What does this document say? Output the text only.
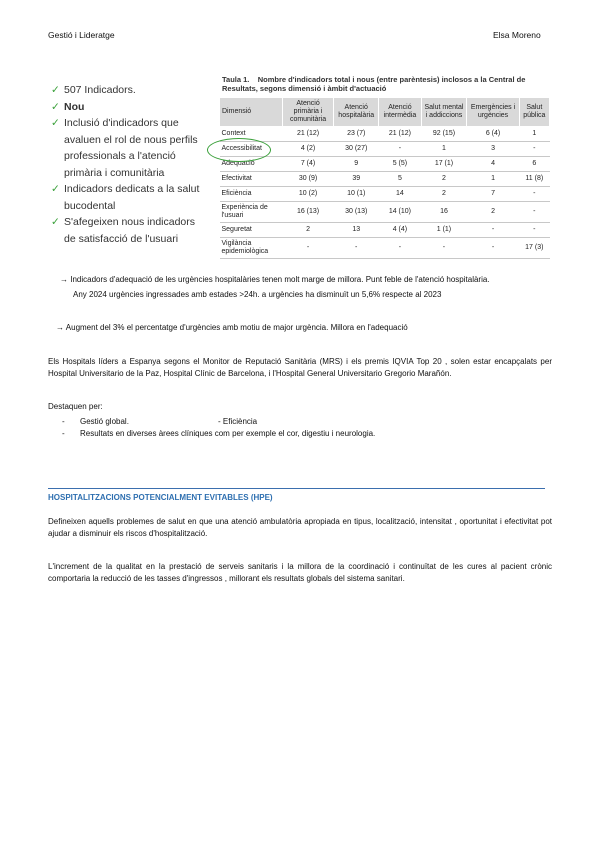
Gestió i Lideratge	Elsa Moreno
✓ 507 Indicadors.
✓ Nou
✓ Inclusió d'indicadors que
avaluen el rol de nous perfils
professionals a l'atenció
primària i comunitària
✓ Indicadors dedicats a la salut
bucodental
✓ S'afegeixen nous indicadors
de satisfacció de l'usuari
Taula 1.    Nombre d'indicadors total i nous (entre parèntesis) inclosos a la Central de
Resultats, segons dimensió i àmbit d'actuació
Dimensió	Atenció primària i comunitària	Atenció hospitalària	Atenció intermèdia	Salut mental i addiccions	Emergències i urgències	Salut pública
Context	21 (12)	23 (7)	21 (12)	92 (15)	6 (4)	1
Accessibilitat	4 (2)	30 (27)	-	1	3	-
Adequació	7 (4)	9	5 (5)	17 (1)	4	6
Efectivitat	30 (9)	39	5	2	1	11 (8)
Eficiència	10 (2)	10 (1)	14	2	7	-
Experiència de l'usuari	16 (13)	30 (13)	14 (10)	16	2	-
Seguretat	2	13	4 (4)	1 (1)	-	-
Vigilància epidemiològica	-	-	-	-	-	17 (3)
→ Indicadors d'adequació de les urgències hospitalàries tenen molt marge de millora. Punt feble de l'atenció hospitalària.
Any 2024 urgències ingressades amb estades >24h. a urgències ha disminuït un 5,6% respecte al 2023
→ Augment del 3% el percentatge d'urgències amb motiu de major urgència. Millora en l'adequació
Els Hospitals líders a Espanya segons el Monitor de Reputació Sanitària (MRS) i els premis IQVIA Top 20 , solen estar encapçalats per Hospital Universitario de la Paz, Hospital Clínic de Barcelona, i l'Hospital General Universitario Gregorio Marañón.
Destaquen per:
- Gestió global.	- Eficiència
- Resultats en diverses àrees clíniques com per exemple el cor, digestiu i neurologia.
HOSPITALITZACIONS POTENCIALMENT EVITABLES (HPE)
Defineixen aquells problemes de salut en que una atenció ambulatòria apropiada en tipus, localització, intensitat , oportunitat i efectivitat pot ajudar a disminuir els riscos d'hospitalització.
L'increment de la qualitat en la prestació de serveis sanitaris i la millora de la coordinació i continuïtat de les cures al pacient crònic comportaria la reducció de les tasses d'ingressos , millorant els resultats globals del sistema sanitari.
